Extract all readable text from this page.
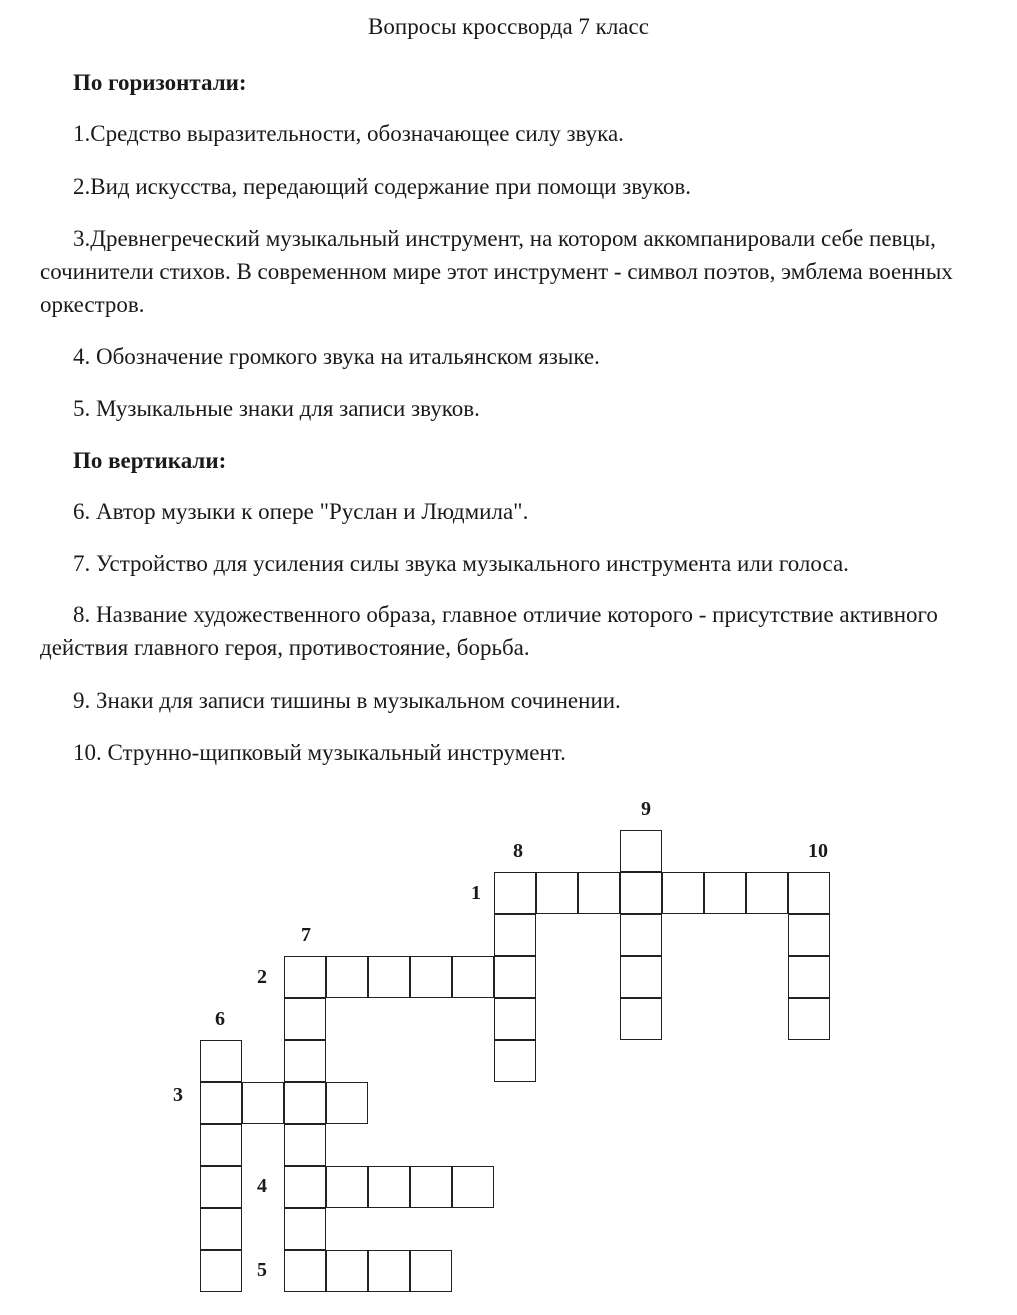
Вопросы кроссворда 7 класс
По горизонтали:
1.Средство выразительности, обозначающее силу звука.
2.Вид искусства, передающий содержание при помощи звуков.
3.Древнегреческий музыкальный инструмент, на котором аккомпанировали себе певцы, сочинители стихов. В современном мире этот инструмент - символ поэтов, эмблема военных оркестров.
4. Обозначение громкого звука на итальянском языке.
5. Музыкальные знаки для записи звуков.
По вертикали:
6. Автор музыки к опере "Руслан и Людмила".
7. Устройство для усиления силы звука музыкального инструмента или голоса.
8. Название художественного образа, главное отличие которого - присутствие активного действия главного героя, противостояние, борьба.
9. Знаки для записи тишины в музыкальном сочинении.
10. Струнно-щипковый музыкальный инструмент.
9
8	10
1
7
2
6
3
4
5
